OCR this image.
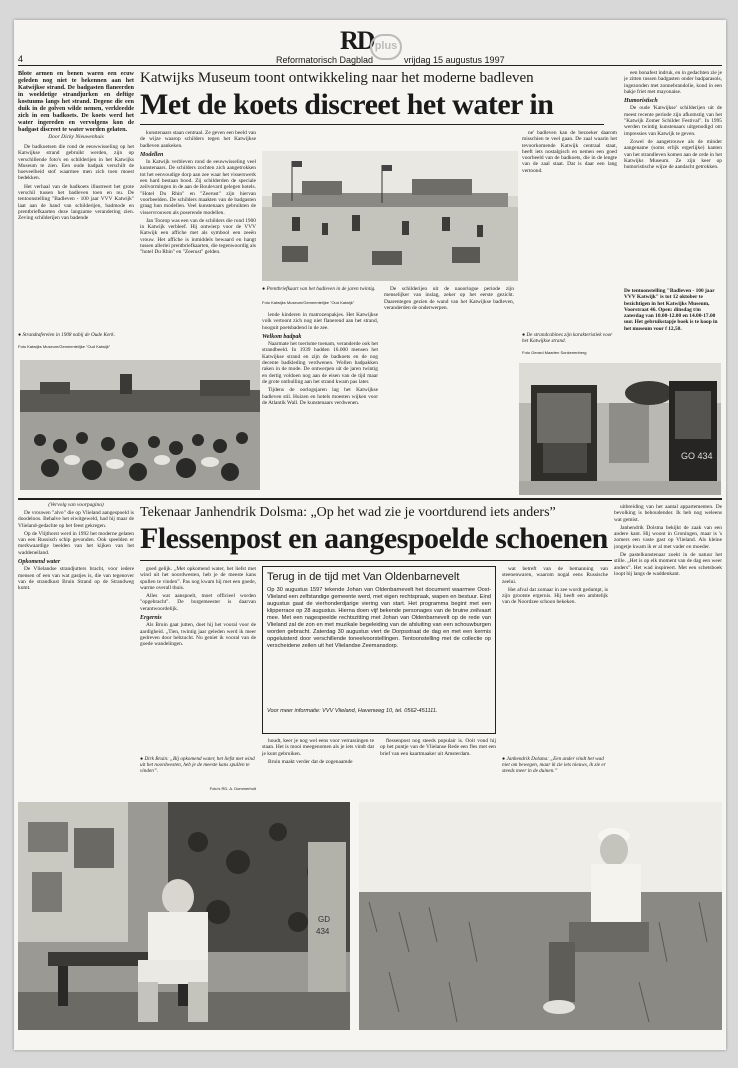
4	Reformatorisch Dagblad
RD plus
vrijdag 15 augustus 1997
Blote armen en benen waren een ecuw geleden nog niet te bekennen aan het Katwijkse strand. De badgasten flaneerden in woeldetige strandjurken en deftige kostuums langs het strand. Degene die een duik in de golven wilde nemen, verkleedde zich in een badkoets. De koets werd het water ingereden en vervolgens kon de badgast discreet te water worden gelaten.
Door Dicky Nieuwenhuis
Katwijks Museum toont ontwikkeling naar het moderne badleven
Met de koets discreet het water in

De badkoetsen die rond de eeuwwisseling op het Katwijkse strand gebruikt werden, zijn op verschillende foto's en schilderijen in het Katwijks Museum te zien. Een oude badpak verschilt de hoeveelheid stof waarmee men zich toen moest bedekken.

Het verhaal van de badkoets illustreert het grote verschil tussen het badleven toen en nu. De tentoonstelling "Badleven - 100 jaar VVV Katwijk" laat aan de hand van schilderijen, badmode en prentbriefkaarten deze langzame verandering zien. Zeving schilderijen van badende

● Strandtaferelen in 1908 nabij de Oude Kerk.
Foto Katwijks Museum/Gemeentelijke "Oud Katwijk"

kunstenaars staan centraal. Ze geven een beeld van de wijze waarop schilders tegen het Katwijkse badleven aankeken.

Modellen

In Katwijk verbleven rond de eeuwwisseling veel kunstenaars. De schilders zochten zich aangetrokken tot het eenvoudige dorp aan zee waar het visserswerk een hard bestaan bood. Zij schilderden de speciale zeilvormingen in de aan de Boulevard gelegen hotels. "Hotel Du Rhin" en "Zeerust" zijn hiervan voorbeelden. De schilders maakten van de badgasten graag hun modellen. Veel kunstenaars gebruikten de visservrouwen als poserende modellen.

Jan Toorop was een van de schilders die rond 1900 in Katwijk verbleef. Hij ontwierp voor de VVV Katwijk een affiche met als symbool een zeeën vrouw. Het affiche is inmiddels bewaard en hangt tussen allerlei prentbriefkaarten, die tegenwoordig als "hotel Du Rhin" en "Zeerust" gelden.

● Prentbriefkaart van het badleven in de jaren twintig.
Foto Katwijks Museum/Gemeentelijke "Oud Katwijk"

lende kinderen in matrozenpakjes. Het Katwijkse volk vertoont zich nog niet flanerend aan het strand, hooguit poetsbadend in de zee.

Welkom badpak

Naarmate het toerisme toenam, veranderde ook het strandbeeld. In 1939 hadden 16.000 mensen het Katwijkse strand en zijn de badkoets en de nog decente badkleding verdwenen. Wollen badpakken raken in de mode. De ontwerpen uit de jaren twintig en dertig voldoen nog aan de eisen van de tijd maar de grote onthulling aan het strand kwam pas later.

Tijdens de oorlogsjaren lag het Katwijkse badleven stil. Huizen en hotels moesten wijken voor de Atlantik Wall. De kunstenaars verdwenen.

De schilderijen uit de naoorlogse periode zijn menselijker van inslag, zeker op het eerste gezicht. Daarentegen gezien de wand van het Katwijkse badleven, veranderden de onderwerpen.

ne' badleven kan de bezoeker daarom misschien te veel gaan. De zaal waarin het tevoorkomende Katwijk centraal staat, heeft iets nostalgisch en nemen een goed voorbeeld van de badkoets, die in de lengte van de zaal staat. Dat is daar een lang vertoond.

● De strandcabines zijn karakteristiek voor het Katwijkse strand.
Foto Gerard Maarten Sonkenenberg

een bonafest indruk, en in gedachten zie je je zitten tussen badgasten onder badparasols, ingezonden met zonnebrandolie, kond in een bakje friet met mayonaise.

Humoristisch

De oude 'Katwijkse' schilderijen uit de meest recente periode zijn afkomstig van het "Katwijk Zomer Schilder Festival". In 1995 werden twintig kunstenaars uitgenodigd om impressies van Katwijk te geven.

Zowel de aangetrouwe als de minder aangename (soms erlijk ergerlijke) kanten van het strandleven komen aan de orde in het Katwijks Museum. Ze zijn keer op humoristische wijze de aandacht getrokken.

De tentoonstelling "Badleven - 100 jaar VVV Katwijk" is tot 12 oktober te bezichtigen in het Katwijks Museum, Voorstraat 46. Open: dinsdag t/m zaterdag van 10.00-12.00 en 14.00-17.00 uur. Het gebruikstapje boek is te koop in het museum voor f 12,50.
GO 434
(Vervolg van voorpagina)

De vrouwen "alvo" die op Vlieland aangespoeld is doodeloos. Behalve het eiwitgeweld, had hij maar de Vlieland-gedachte op het feest gekregen.

Op de Vlijthorst werd in 1992 het moderne gelaten van een Russisch schip gevonden. Ook speelden er merkwaardige beelden van het kijken van het waddeneiland.

Opkomend water

De Vlielandse strandjutters bracht, voor iedere mensen of een van wat gastjes is, die van tegenover van de strandkust Bruin Strand op de Strandweg komt.

Tekenaar Janhendrik Dolsma: „Op het wad zie je voortdurend iets anders”
Flessenpost en aangespoelde schoenen

goed gelijk. „Met opkomend water, het liefst met wind uit het noordwesten, heb je de meeste kans spullen te vinden”. Pas nog kwam hij met een goede, warme overall thuis.

Alles wat aanspoelt, moet officieel worden "opgebracht". De burgemeester is daarvan verantwoordelijk.

Ergernis

Als Bruin gaat jutten, doet hij het vooral voor de aardigheid. „Tien, twintig jaar geleden werd ik meer gedreven door hebzucht. Nu geniet ik vooral van de goede wandelingen.

● Dirk Bruin: „Bij opkomend water, het liefst met wind uit het noordwesten, heb je de meeste kans spullen te vinden”.
Foto's RD, A. Dommerholt
Terug in de tijd met Van Oldenbarnevelt
Op 30 augustus 1597 tekende Johan van Oldenbarnevelt het document waarmee Oost-Vlieland een zelfstandige gemeente werd, met eigen rechtspraak, wapen en bestuur. Eind augustus gaat de vierhonderdjarige viering van start. Het programma begint met een klipperrace op 28 augustus. Hierna doen vijf bekende personages van de bruine zeilvaart mee. Met een nagespeelde rechtszitting met Johan van Oldenbarnevelt op de rede van Vlieland zal de zon en met muzikale begeleiding van de afsluiting van een schouwburgen worden gebracht. Zaterdag 30 augustus viert de Dorpsstraat de dag en met een kermis opgeluisterd door verschillende toneelvoorstellingen. Tentoonstelling met de collectie op verscheidene zeilen uit het Vlielandse Zeemansdorp.
Voor meer informatie: VVV Vlieland, Havenweg 10, tel. 0562-451111.

houdt, keer je nog wel eens voor verrassingen te staan. Het is mooi meegenomen als je iets vindt dat je kunt gebruiken.

Bruin maakt verder dat de zogenaamde

flessenpost nog steeds populair is. Ooit vond hij op het puntje van de Vlielanse Rede een fles met een brief van een kaartmaaker uit Amsterdam.

wat betreft van de bemanning van steenenwaren, waarom nogal eens Russische zeelui.

Het afval dat zomaar in zee wordt gedumpt, is zijn grootste ergernis. Hij heeft een ambtelijk van de Noordzee schoon bekeken.

● Janhendrik Dolsma: „Een ander vindt het wad niet om bewegen, maar ik zie iets nieuws, ik zie er steeds meer in de duinen.”

uitbreiding van het aantal appartementen. De bevolking is behoudender. Ik heb nog weleens wat gemist.

Janhendrik Dolsma bekijkt de zaak van een andere kant. Hij woont in Groningen, maar is 's zomers een vaste gast op Vlieland. Als kleine jongetje kwam ik er al met vader en moeder.

De pastelkunstenaar zoekt in de natuur het stille. „Het is op elk moment van de dag een weer anders”. Het wad inspireert. Met een schetsboek loopt hij langs de waddenkant.

GD
434
